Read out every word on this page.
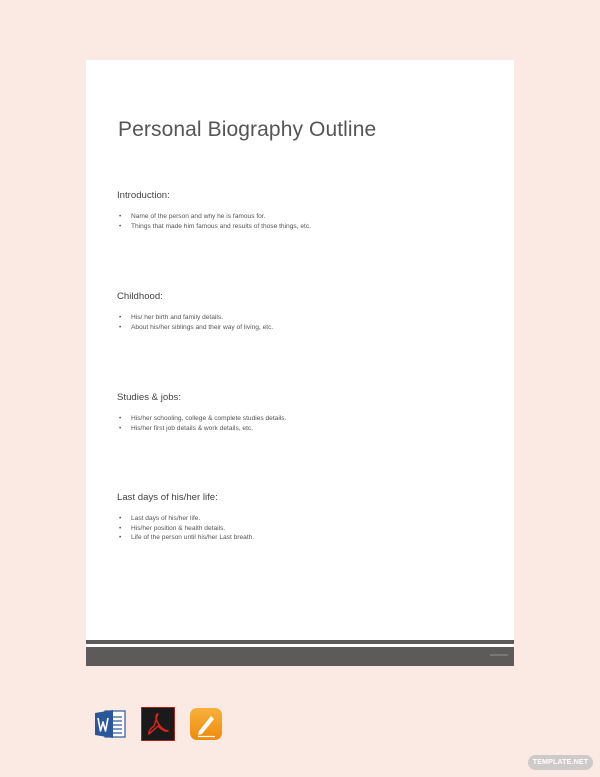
Personal Biography Outline
Introduction:
• Name of the person and why he is famous for.
• Things that made him famous and results of those things, etc.
Childhood:
• His/ her birth and family details.
• About his/her siblings and their way of living, etc.
Studies & jobs:
• His/her schooling, college & complete studies details.
• His/her first job details & work details, etc.
Last days of his/her life:
• Last days of his/her life.
• His/her position & health details.
• Life of the person until his/her Last breath.
TEMPLATE.NET
